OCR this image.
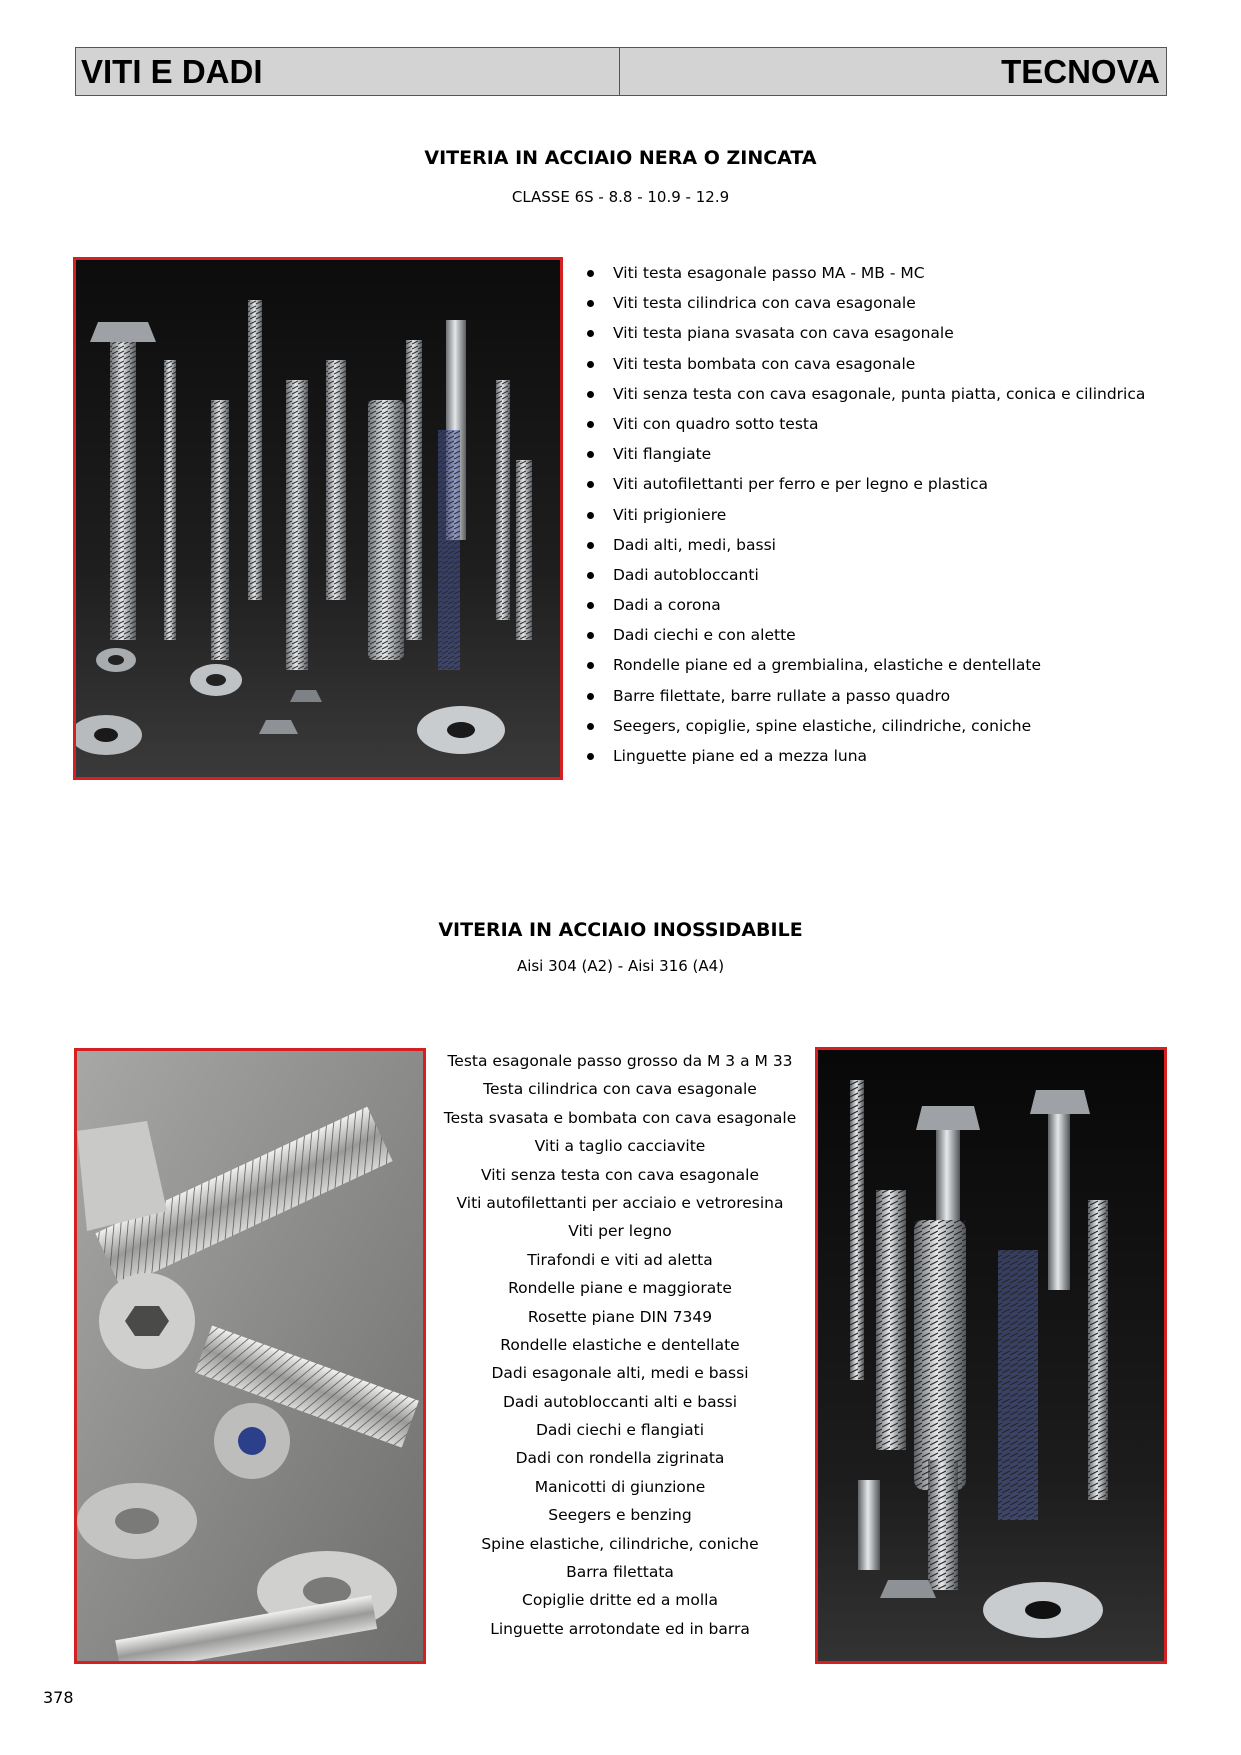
VITI E DADI	TECNOVA
VITERIA IN ACCIAIO NERA O ZINCATA
CLASSE 6S - 8.8 - 10.9 - 12.9
Viti testa esagonale passo MA - MB - MC
Viti testa cilindrica con cava esagonale
Viti testa piana svasata con cava esagonale
Viti testa bombata con cava esagonale
Viti senza testa con cava esagonale, punta piatta, conica e cilindrica
Viti con quadro sotto testa
Viti flangiate
Viti autofilettanti per ferro e per legno e plastica
Viti prigioniere
Dadi alti, medi, bassi
Dadi autobloccanti
Dadi a corona
Dadi ciechi e con alette
Rondelle piane ed a grembialina, elastiche e dentellate
Barre filettate, barre rullate a passo quadro
Seegers, copiglie, spine elastiche, cilindriche, coniche
Linguette piane ed a mezza luna
VITERIA IN ACCIAIO INOSSIDABILE
Aisi 304 (A2) - Aisi 316 (A4)
Testa esagonale passo grosso da M 3 a M 33
Testa cilindrica con cava esagonale
Testa svasata e bombata con cava esagonale
Viti a taglio cacciavite
Viti senza testa con cava esagonale
Viti autofilettanti per acciaio e vetroresina
Viti per legno
Tirafondi e viti ad aletta
Rondelle piane e maggiorate
Rosette piane DIN 7349
Rondelle elastiche e dentellate
Dadi esagonale alti, medi e bassi
Dadi autobloccanti alti e bassi
Dadi ciechi e flangiati
Dadi con rondella zigrinata
Manicotti di giunzione
Seegers e benzing
Spine elastiche, cilindriche, coniche
Barra filettata
Copiglie dritte ed a molla
Linguette arrotondate ed in barra
378
